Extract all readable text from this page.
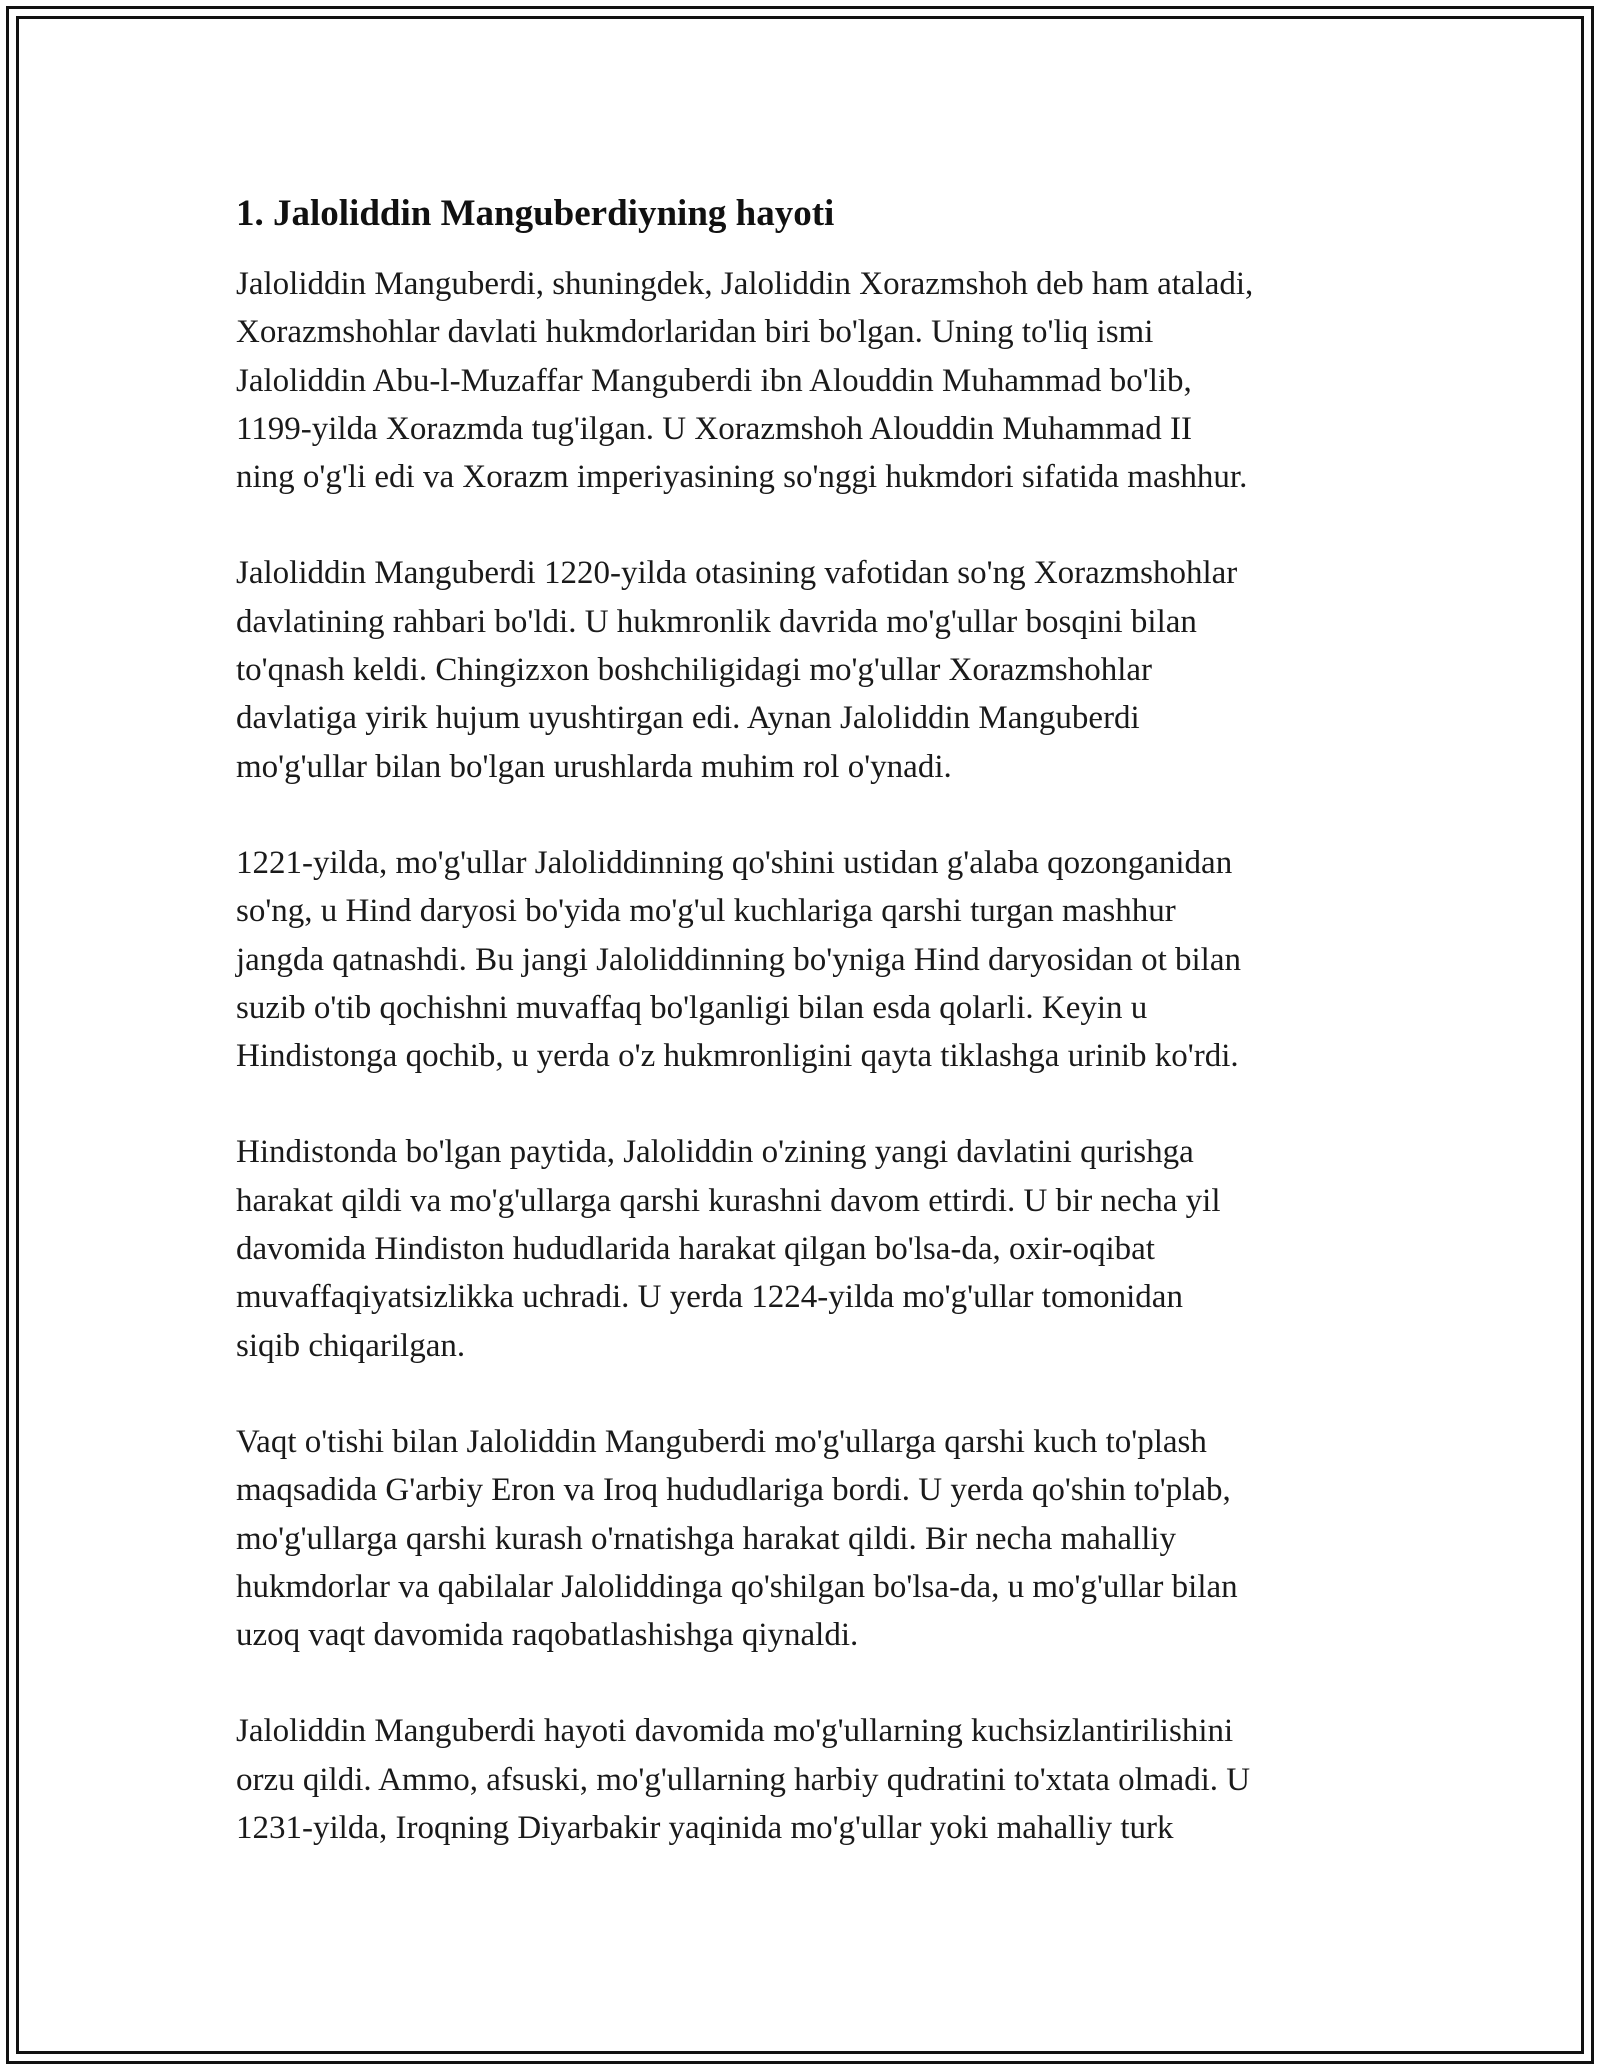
1. Jaloliddin Manguberdiyning hayoti

Jaloliddin Manguberdi, shuningdek, Jaloliddin Xorazmshoh deb ham ataladi,
Xorazmshohlar davlati hukmdorlaridan biri bo'lgan. Uning to'liq ismi
Jaloliddin Abu-l-Muzaffar Manguberdi ibn Alouddin Muhammad bo'lib,
1199-yilda Xorazmda tug'ilgan. U Xorazmshoh Alouddin Muhammad II
ning o'g'li edi va Xorazm imperiyasining so'nggi hukmdori sifatida mashhur.

Jaloliddin Manguberdi 1220-yilda otasining vafotidan so'ng Xorazmshohlar
davlatining rahbari bo'ldi. U hukmronlik davrida mo'g'ullar bosqini bilan
to'qnash keldi. Chingizxon boshchiligidagi mo'g'ullar Xorazmshohlar
davlatiga yirik hujum uyushtirgan edi. Aynan Jaloliddin Manguberdi
mo'g'ullar bilan bo'lgan urushlarda muhim rol o'ynadi.

1221-yilda, mo'g'ullar Jaloliddinning qo'shini ustidan g'alaba qozonganidan
so'ng, u Hind daryosi bo'yida mo'g'ul kuchlariga qarshi turgan mashhur
jangda qatnashdi. Bu jangi Jaloliddinning bo'yniga Hind daryosidan ot bilan
suzib o'tib qochishni muvaffaq bo'lganligi bilan esda qolarli. Keyin u
Hindistonga qochib, u yerda o'z hukmronligini qayta tiklashga urinib ko'rdi.

Hindistonda bo'lgan paytida, Jaloliddin o'zining yangi davlatini qurishga
harakat qildi va mo'g'ullarga qarshi kurashni davom ettirdi. U bir necha yil
davomida Hindiston hududlarida harakat qilgan bo'lsa-da, oxir-oqibat
muvaffaqiyatsizlikka uchradi. U yerda 1224-yilda mo'g'ullar tomonidan
siqib chiqarilgan.

Vaqt o'tishi bilan Jaloliddin Manguberdi mo'g'ullarga qarshi kuch to'plash
maqsadida G'arbiy Eron va Iroq hududlariga bordi. U yerda qo'shin to'plab,
mo'g'ullarga qarshi kurash o'rnatishga harakat qildi. Bir necha mahalliy
hukmdorlar va qabilalar Jaloliddinga qo'shilgan bo'lsa-da, u mo'g'ullar bilan
uzoq vaqt davomida raqobatlashishga qiynaldi.

Jaloliddin Manguberdi hayoti davomida mo'g'ullarning kuchsizlantirilishini
orzu qildi. Ammo, afsuski, mo'g'ullarning harbiy qudratini to'xtata olmadi. U
1231-yilda, Iroqning Diyarbakir yaqinida mo'g'ullar yoki mahalliy turk
